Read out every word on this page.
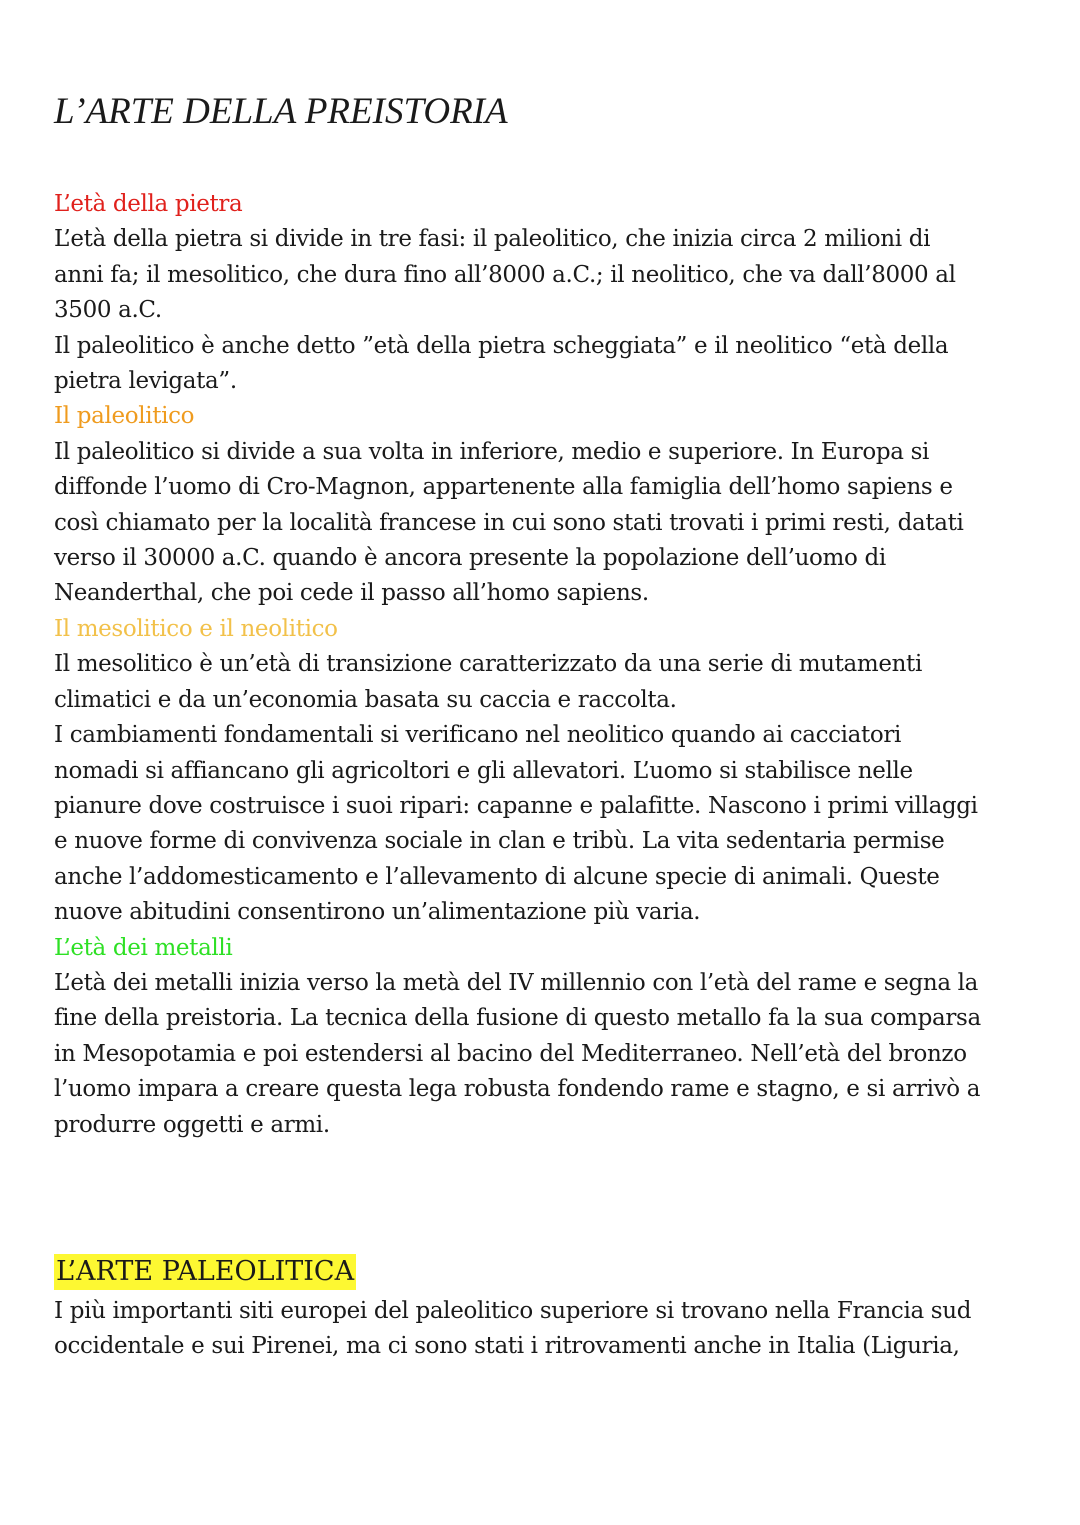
L’ARTE DELLA PREISTORIA
L’età della pietra

L’età della pietra si divide in tre fasi: il paleolitico, che inizia circa 2 milioni di

anni fa; il mesolitico, che dura fino all’8000 a.C.; il neolitico, che va dall’8000 al

3500 a.C.

Il paleolitico è anche detto ”età della pietra scheggiata” e il neolitico “età della

pietra levigata”.

Il paleolitico

Il paleolitico si divide a sua volta in inferiore, medio e superiore. In Europa si

diffonde l’uomo di Cro-Magnon, appartenente alla famiglia dell’homo sapiens e

così chiamato per la località francese in cui sono stati trovati i primi resti, datati

verso il 30000 a.C. quando è ancora presente la popolazione dell’uomo di

Neanderthal, che poi cede il passo all’homo sapiens.

Il mesolitico e il neolitico

Il mesolitico è un’età di transizione caratterizzato da una serie di mutamenti

climatici e da un’economia basata su caccia e raccolta.

I cambiamenti fondamentali si verificano nel neolitico quando ai cacciatori

nomadi si affiancano gli agricoltori e gli allevatori. L’uomo si stabilisce nelle

pianure dove costruisce i suoi ripari: capanne e palafitte. Nascono i primi villaggi

e nuove forme di convivenza sociale in clan e tribù. La vita sedentaria permise

anche l’addomesticamento e l’allevamento di alcune specie di animali. Queste

nuove abitudini consentirono un’alimentazione più varia.

L’età dei metalli

L’età dei metalli inizia verso la metà del IV millennio con l’età del rame e segna la

fine della preistoria. La tecnica della fusione di questo metallo fa la sua comparsa

in Mesopotamia e poi estendersi al bacino del Mediterraneo. Nell’età del bronzo

l’uomo impara a creare questa lega robusta fondendo rame e stagno, e si arrivò a

produrre oggetti e armi.

L’ARTE PALEOLITICA

I più importanti siti europei del paleolitico superiore si trovano nella Francia sud

occidentale e sui Pirenei, ma ci sono stati i ritrovamenti anche in Italia (Liguria,
